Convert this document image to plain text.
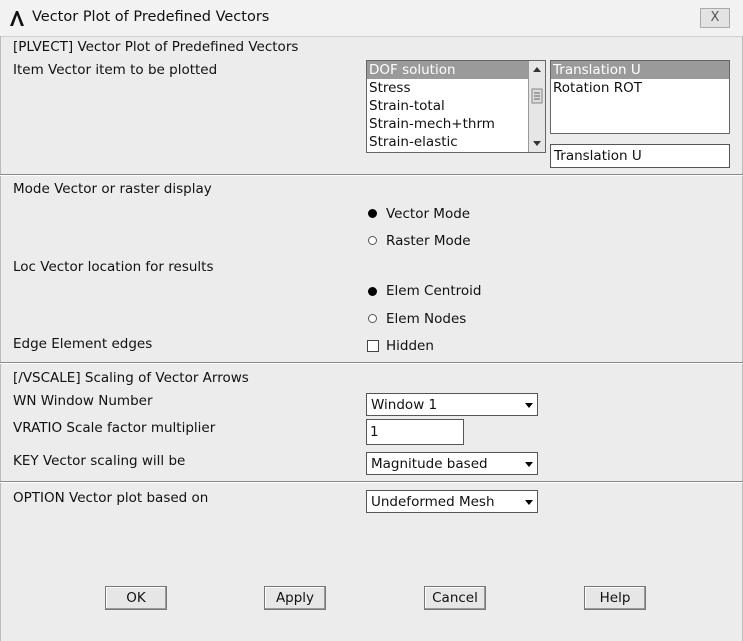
Vector Plot of Predefined Vectors	X
[PLVECT] Vector Plot of Predefined Vectors
Item Vector item to be plotted	DOF solution
Stress
Strain-total
Strain-mech+thrm
Strain-elastic
Translation U
Rotation ROT
Translation U
Mode Vector or raster display
Vector Mode
Raster Mode
Loc Vector location for results
Elem Centroid
Elem Nodes
Edge Element edges	Hidden
[/VSCALE] Scaling of Vector Arrows
WN Window Number	Window 1
VRATIO Scale factor multiplier	1
KEY Vector scaling will be	Magnitude based
OPTION Vector plot based on	Undeformed Mesh
OK	Apply	Cancel	Help
